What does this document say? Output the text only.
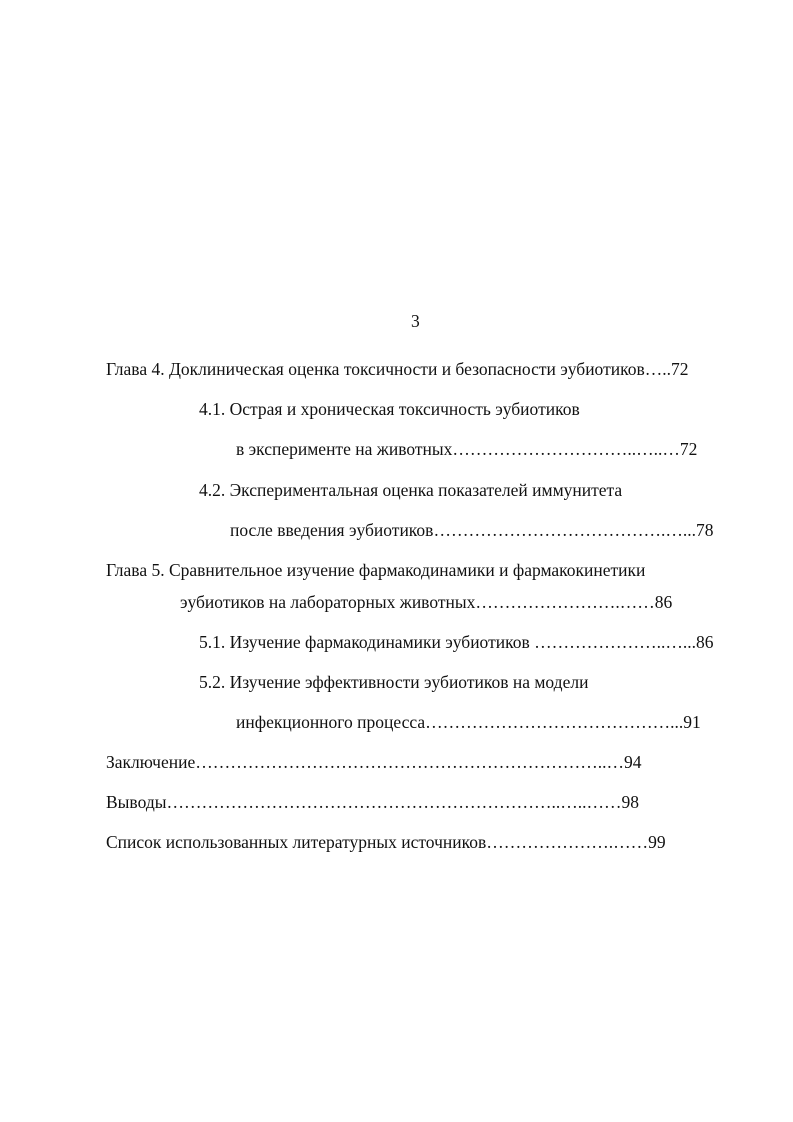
3
Глава 4. Доклиническая оценка токсичности и безопасности эубиотиков…..72
4.1. Острая и хроническая токсичность эубиотиков
в эксперименте на животных…………………………..…..…72
4.2. Экспериментальная оценка показателей иммунитета
после введения эубиотиков………………………………….…...78
Глава 5. Сравнительное изучение фармакодинамики и фармакокинетики
эубиотиков на лабораторных животных…………………….……86
5.1. Изучение фармакодинамики эубиотиков …………………..…...86
5.2. Изучение эффективности эубиотиков на модели
инфекционного процесса……………………………………...91
Заключение……………………………………………………………..…94
Выводы…………………………………………………………..…..……98
Список использованных литературных источников………………….……99
